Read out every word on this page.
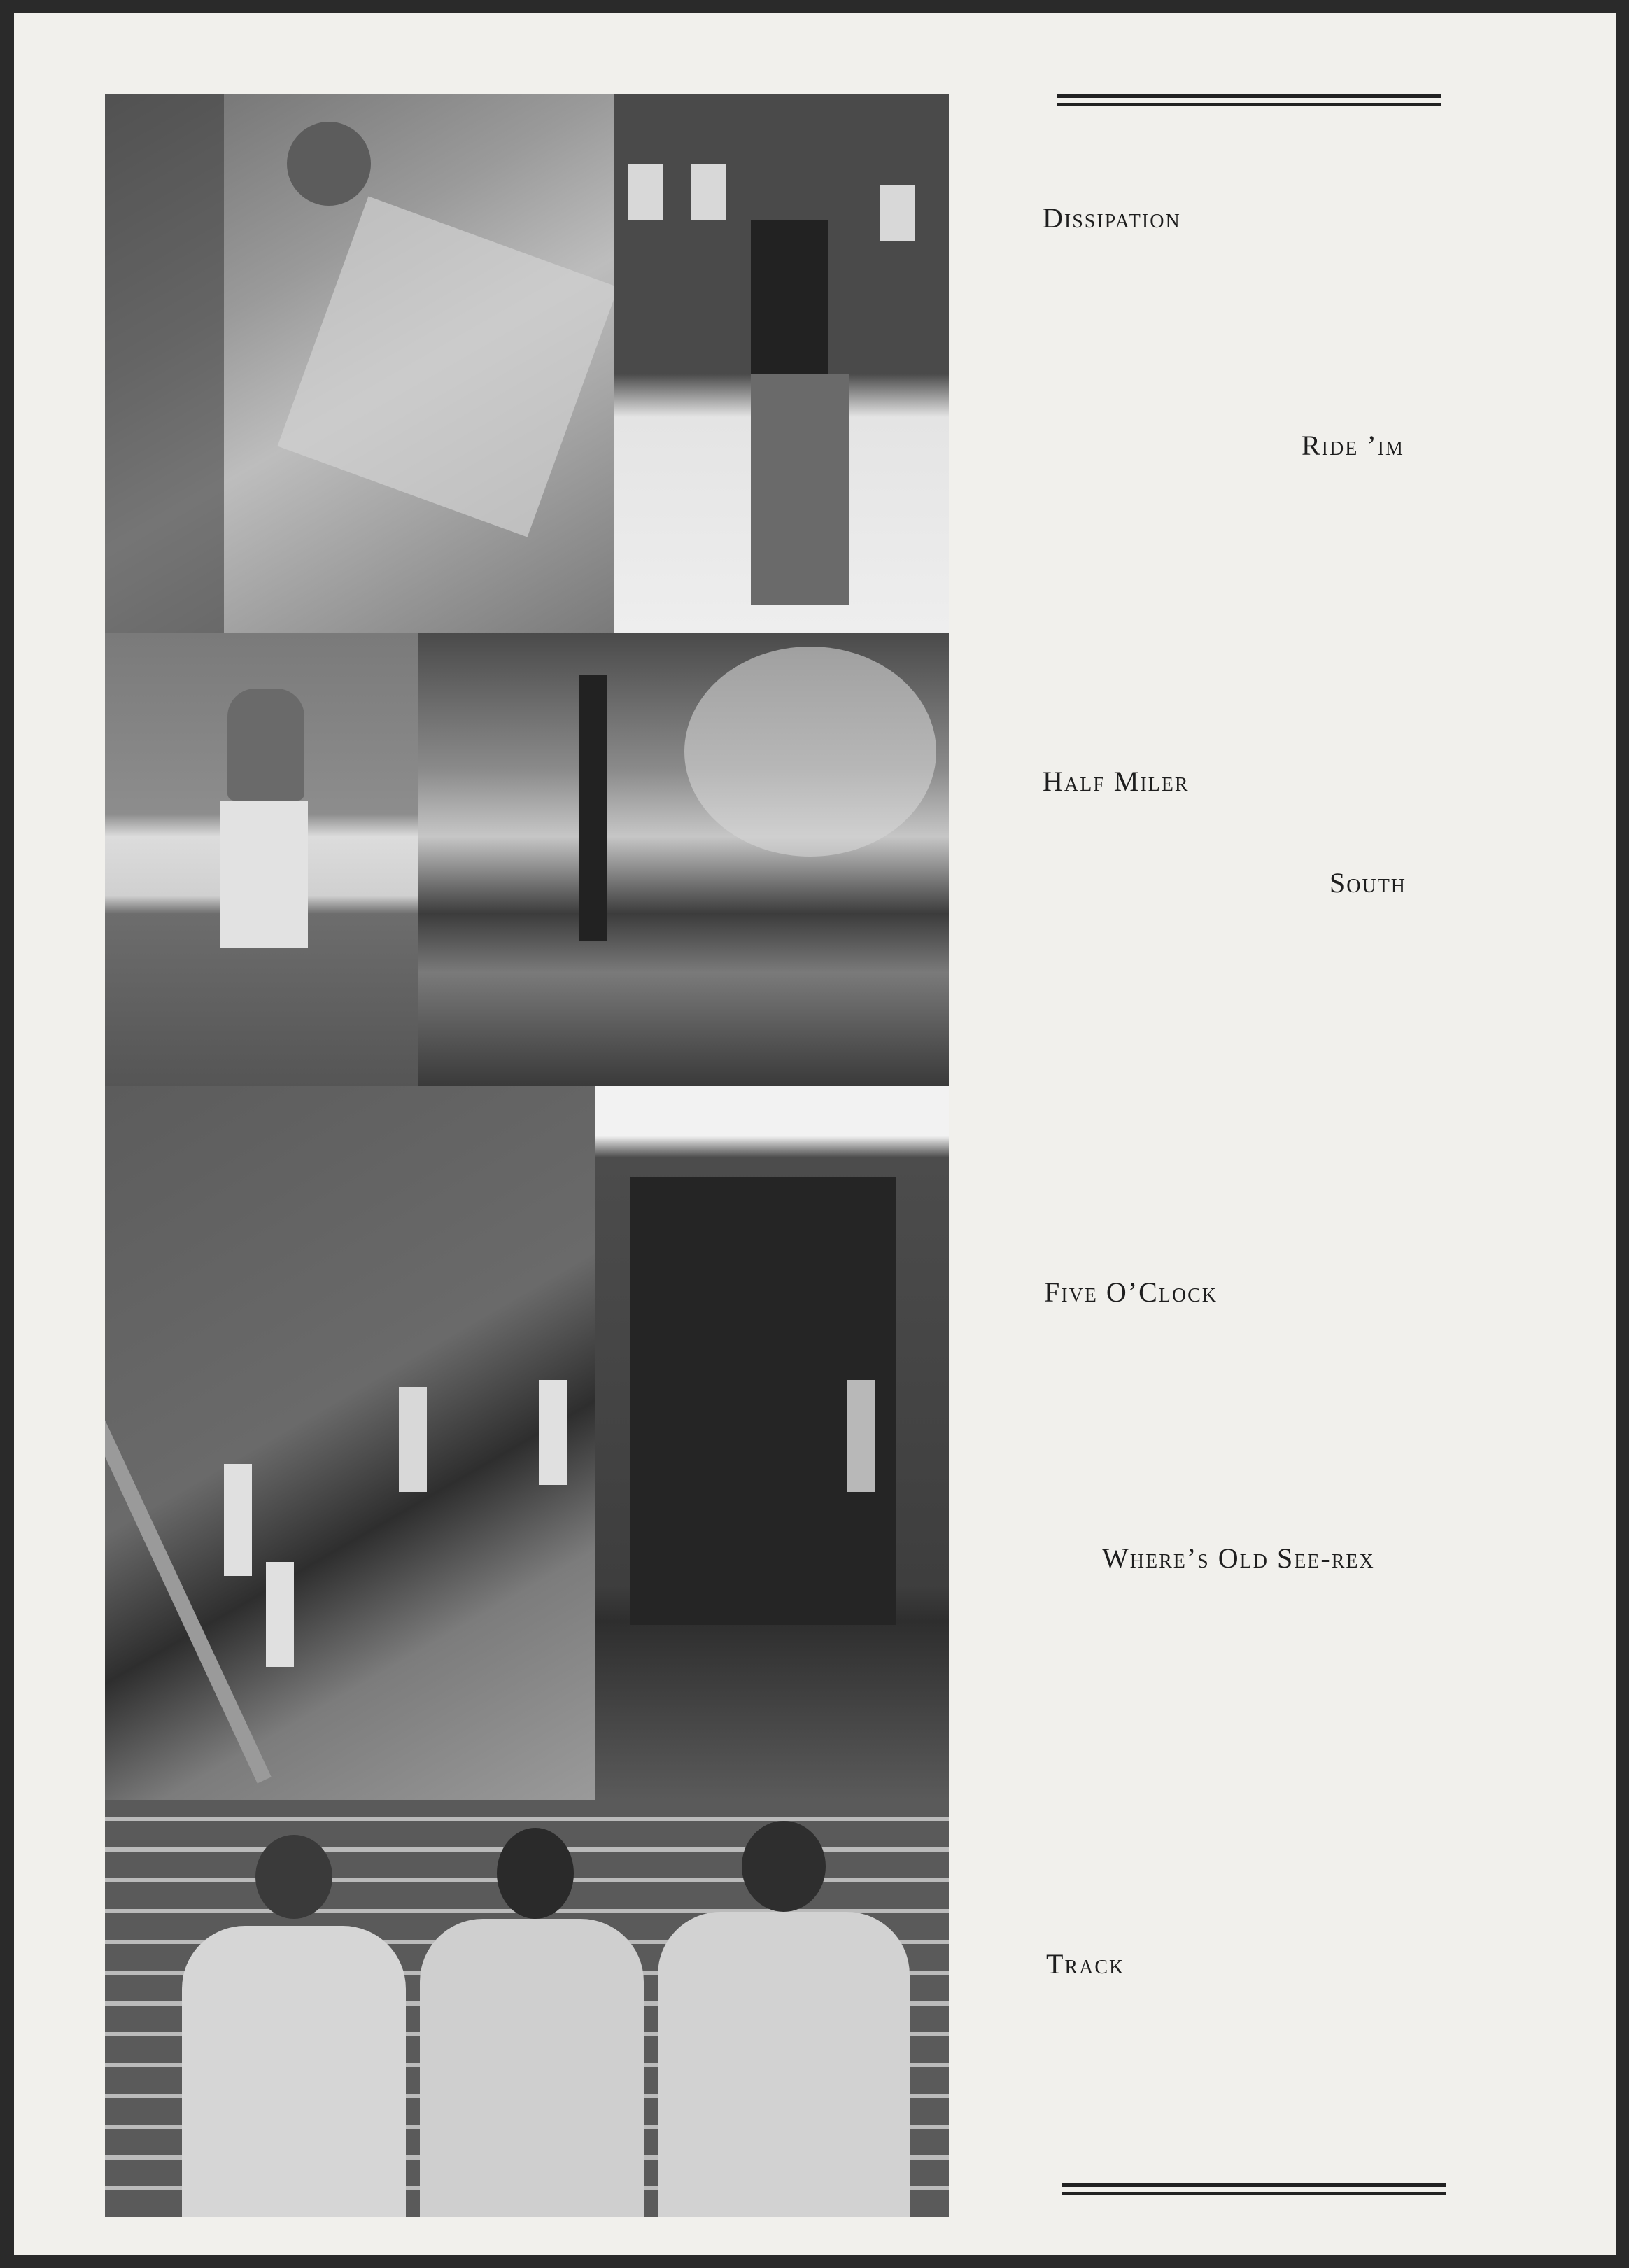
Dissipation
Ride ’im
Half Miler
South
Five O’Clock
Where’s Old See-rex
Track
